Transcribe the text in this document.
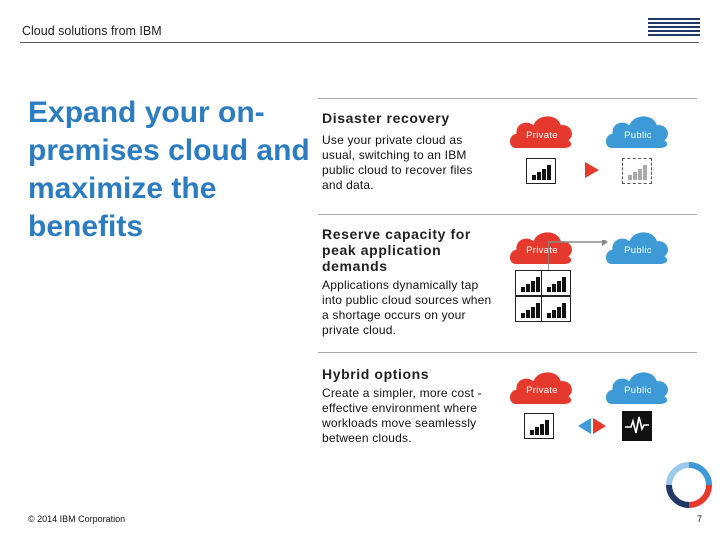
Cloud solutions from IBM
Expand your on-premises cloud and maximize the benefits
Disaster recovery
Use your private cloud as usual, switching to an IBM public cloud to recover files and data.
Reserve capacity for peak application demands
Applications dynamically tap into public cloud sources when a shortage occurs on your private cloud.
Hybrid options
Create a simpler, more cost -effective environment where workloads move seamlessly between clouds.
Private	Public
Private	Public
Private	Public
© 2014 IBM Corporation	7
